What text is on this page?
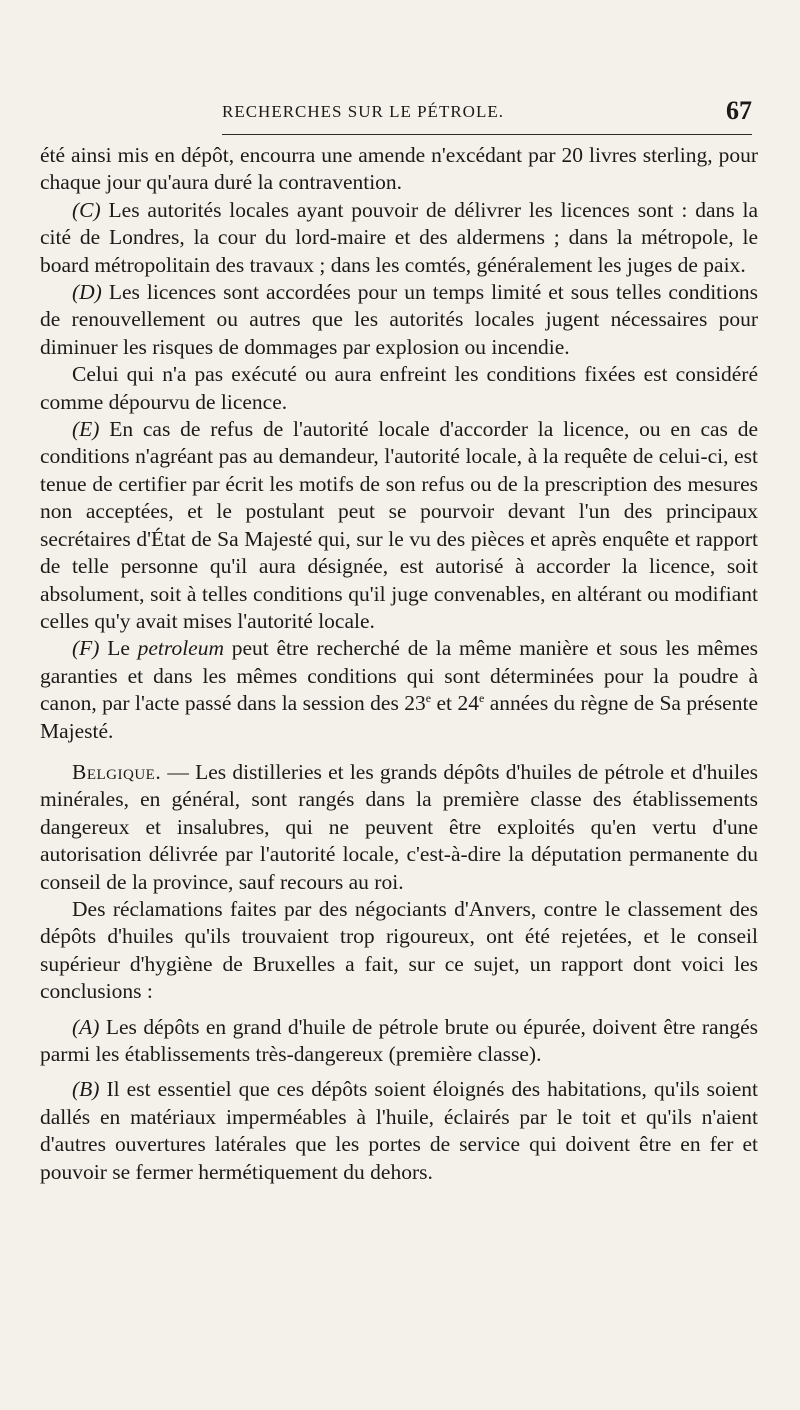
RECHERCHES SUR LE PÉTROLE.	67

été ainsi mis en dépôt, encourra une amende n'excédant par 20 livres sterling, pour chaque jour qu'aura duré la contravention.

(C) Les autorités locales ayant pouvoir de délivrer les licences sont : dans la cité de Londres, la cour du lord-maire et des aldermens ; dans la métropole, le board métropolitain des travaux ; dans les comtés, généralement les juges de paix.

(D) Les licences sont accordées pour un temps limité et sous telles conditions de renouvellement ou autres que les autorités locales jugent nécessaires pour diminuer les risques de dommages par explosion ou incendie.

Celui qui n'a pas exécuté ou aura enfreint les conditions fixées est considéré comme dépourvu de licence.

(E) En cas de refus de l'autorité locale d'accorder la licence, ou en cas de conditions n'agréant pas au demandeur, l'autorité locale, à la requête de celui-ci, est tenue de certifier par écrit les motifs de son refus ou de la prescription des mesures non acceptées, et le postulant peut se pourvoir devant l'un des principaux secrétaires d'État de Sa Majesté qui, sur le vu des pièces et après enquête et rapport de telle personne qu'il aura désignée, est autorisé à accorder la licence, soit absolument, soit à telles conditions qu'il juge convenables, en altérant ou modifiant celles qu'y avait mises l'autorité locale.

(F) Le petroleum peut être recherché de la même manière et sous les mêmes garanties et dans les mêmes conditions qui sont déterminées pour la poudre à canon, par l'acte passé dans la session des 23e et 24e années du règne de Sa présente Majesté.

Belgique. — Les distilleries et les grands dépôts d'huiles de pétrole et d'huiles minérales, en général, sont rangés dans la première classe des établissements dangereux et insalubres, qui ne peuvent être exploités qu'en vertu d'une autorisation délivrée par l'autorité locale, c'est-à-dire la députation permanente du conseil de la province, sauf recours au roi.

Des réclamations faites par des négociants d'Anvers, contre le classement des dépôts d'huiles qu'ils trouvaient trop rigoureux, ont été rejetées, et le conseil supérieur d'hygiène de Bruxelles a fait, sur ce sujet, un rapport dont voici les conclusions :

(A) Les dépôts en grand d'huile de pétrole brute ou épurée, doivent être rangés parmi les établissements très-dangereux (première classe).

(B) Il est essentiel que ces dépôts soient éloignés des habitations, qu'ils soient dallés en matériaux imperméables à l'huile, éclairés par le toit et qu'ils n'aient d'autres ouvertures latérales que les portes de service qui doivent être en fer et pouvoir se fermer hermétiquement du dehors.
